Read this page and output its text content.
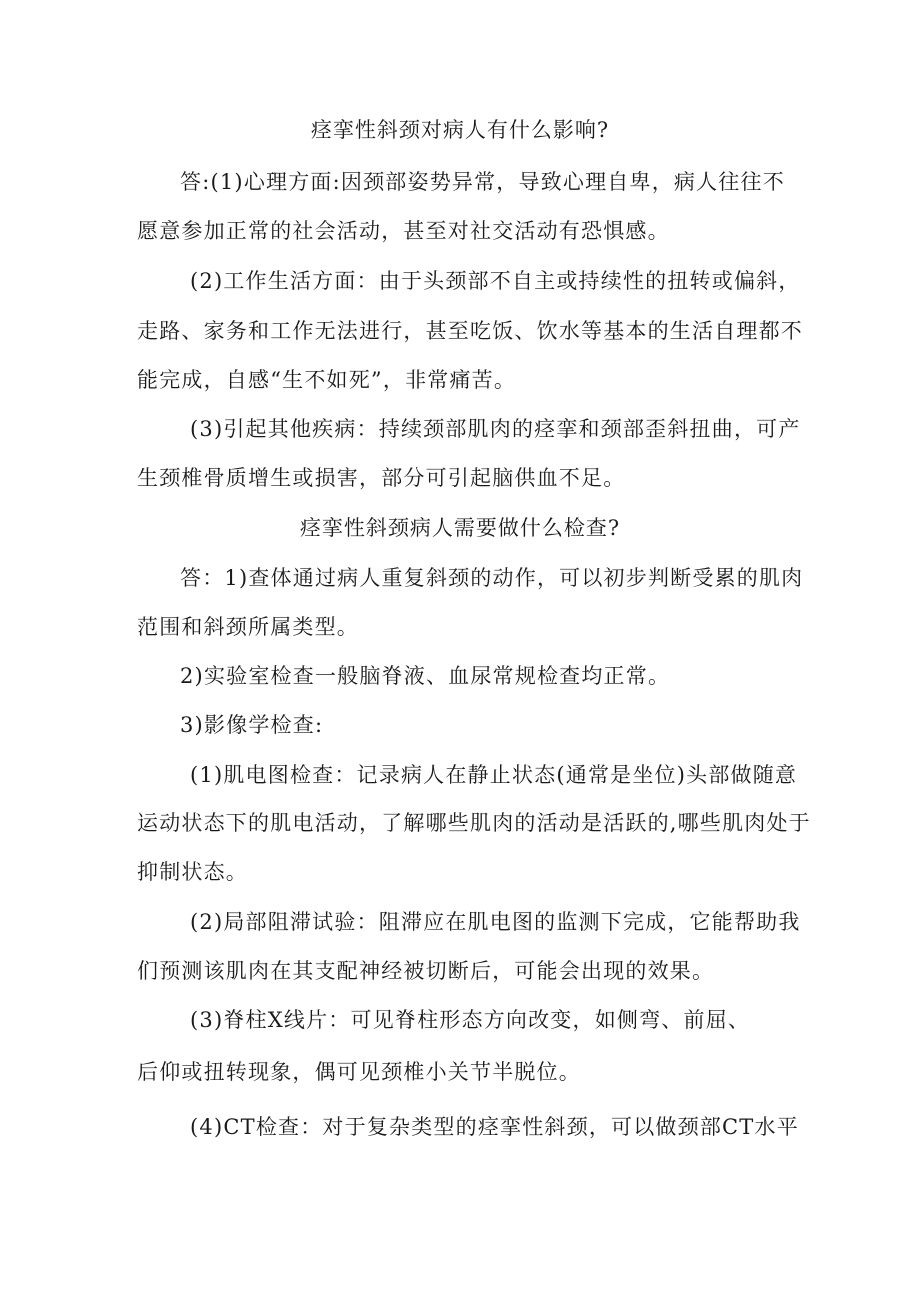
痉挛性斜颈对病人有什么影响?
答:(1)心理方面:因颈部姿势异常，导致心理自卑，病人往往不
愿意参加正常的社会活动，甚至对社交活动有恐惧感。
(2)工作生活方面：由于头颈部不自主或持续性的扭转或偏斜，
走路、家务和工作无法进行，甚至吃饭、饮水等基本的生活自理都不
能完成，自感“生不如死”，非常痛苦。
(3)引起其他疾病：持续颈部肌肉的痉挛和颈部歪斜扭曲，可产
生颈椎骨质增生或损害，部分可引起脑供血不足。
痉挛性斜颈病人需要做什么检查?
答：1)查体通过病人重复斜颈的动作，可以初步判断受累的肌肉
范围和斜颈所属类型。
2)实验室检查一般脑脊液、血尿常规检查均正常。
3)影像学检查:
(1)肌电图检查：记录病人在静止状态(通常是坐位)头部做随意
运动状态下的肌电活动，了解哪些肌肉的活动是活跃的,哪些肌肉处于
抑制状态。
(2)局部阻滞试验：阻滞应在肌电图的监测下完成，它能帮助我
们预测该肌肉在其支配神经被切断后，可能会出现的效果。
(3)脊柱X线片：可见脊柱形态方向改变，如侧弯、前屈、
后仰或扭转现象，偶可见颈椎小关节半脱位。
(4)CT检查：对于复杂类型的痉挛性斜颈，可以做颈部CT水平
